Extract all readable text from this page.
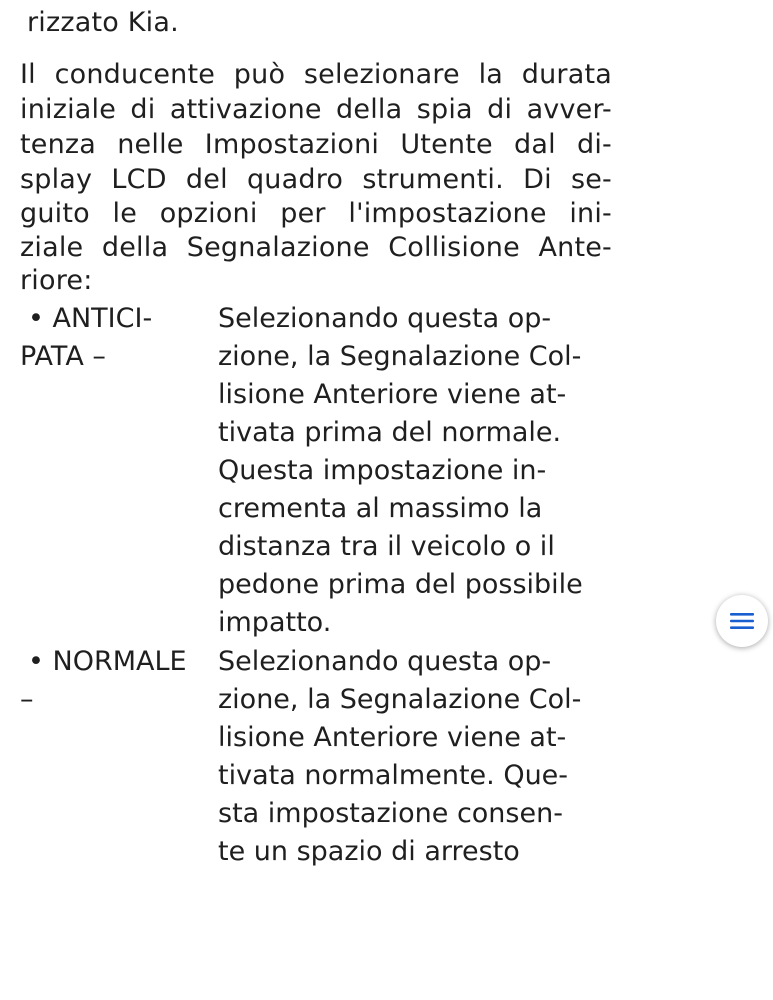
rizzato Kia.
Il conducente può selezionare la durata
iniziale di attivazione della spia di avver-
tenza nelle Impostazioni Utente dal di-
splay LCD del quadro strumenti. Di se-
guito le opzioni per l'impostazione ini-
ziale della Segnalazione Collisione Ante-
riore:
• ANTICI-
PATA –
Selezionando questa op-
zione, la Segnalazione Col-
lisione Anteriore viene at-
tivata prima del normale.
Questa impostazione in-
crementa al massimo la
distanza tra il veicolo o il
pedone prima del possibile
impatto.
• NORMALE
–
Selezionando questa op-
zione, la Segnalazione Col-
lisione Anteriore viene at-
tivata normalmente. Que-
sta impostazione consen-
te un spazio di arresto
